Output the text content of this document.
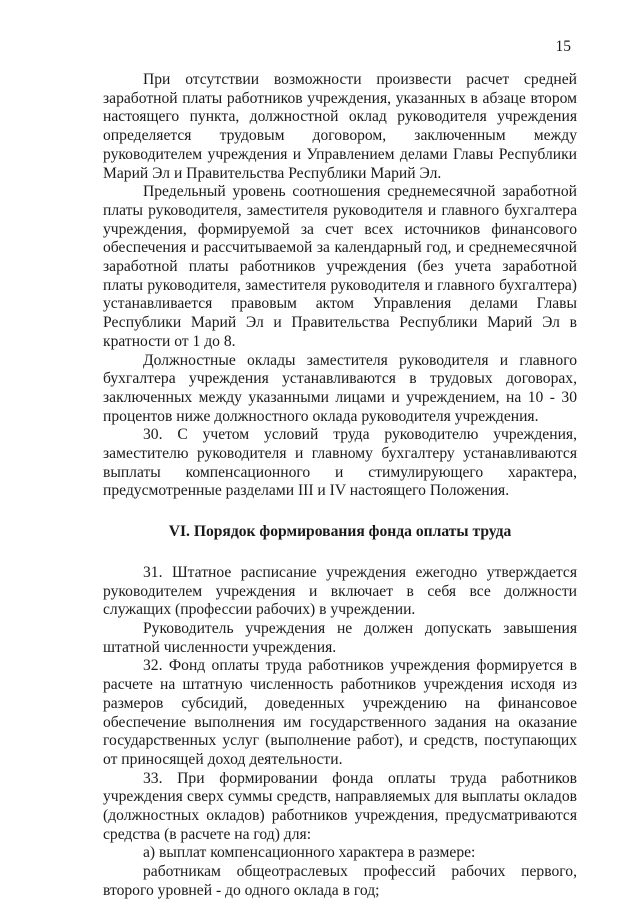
15

При отсутствии возможности произвести расчет средней заработной платы работников учреждения, указанных в абзаце втором настоящего пункта, должностной оклад руководителя учреждения определяется трудовым договором, заключенным между руководителем учреждения и Управлением делами Главы Республики Марий Эл и Правительства Республики Марий Эл.

Предельный уровень соотношения среднемесячной заработной платы руководителя, заместителя руководителя и главного бухгалтера учреждения, формируемой за счет всех источников финансового обеспечения и рассчитываемой за календарный год, и среднемесячной заработной платы работников учреждения (без учета заработной платы руководителя, заместителя руководителя и главного бухгалтера) устанавливается правовым актом Управления делами Главы Республики Марий Эл и Правительства Республики Марий Эл в кратности от 1 до 8.

Должностные оклады заместителя руководителя и главного бухгалтера учреждения устанавливаются в трудовых договорах, заключенных между указанными лицами и учреждением, на 10 - 30 процентов ниже должностного оклада руководителя учреждения.

30. С учетом условий труда руководителю учреждения, заместителю руководителя и главному бухгалтеру устанавливаются выплаты компенсационного и стимулирующего характера, предусмотренные разделами III и IV настоящего Положения.

VI. Порядок формирования фонда оплаты труда

31. Штатное расписание учреждения ежегодно утверждается руководителем учреждения и включает в себя все должности служащих (профессии рабочих) в учреждении.

Руководитель учреждения не должен допускать завышения штатной численности учреждения.

32. Фонд оплаты труда работников учреждения формируется в расчете на штатную численность работников учреждения исходя из размеров субсидий, доведенных учреждению на финансовое обеспечение выполнения им государственного задания на оказание государственных услуг (выполнение работ), и средств, поступающих от приносящей доход деятельности.

33. При формировании фонда оплаты труда работников учреждения сверх суммы средств, направляемых для выплаты окладов (должностных окладов) работников учреждения, предусматриваются средства (в расчете на год) для:

а) выплат компенсационного характера в размере:

работникам общеотраслевых профессий рабочих первого, второго уровней - до одного оклада в год;
